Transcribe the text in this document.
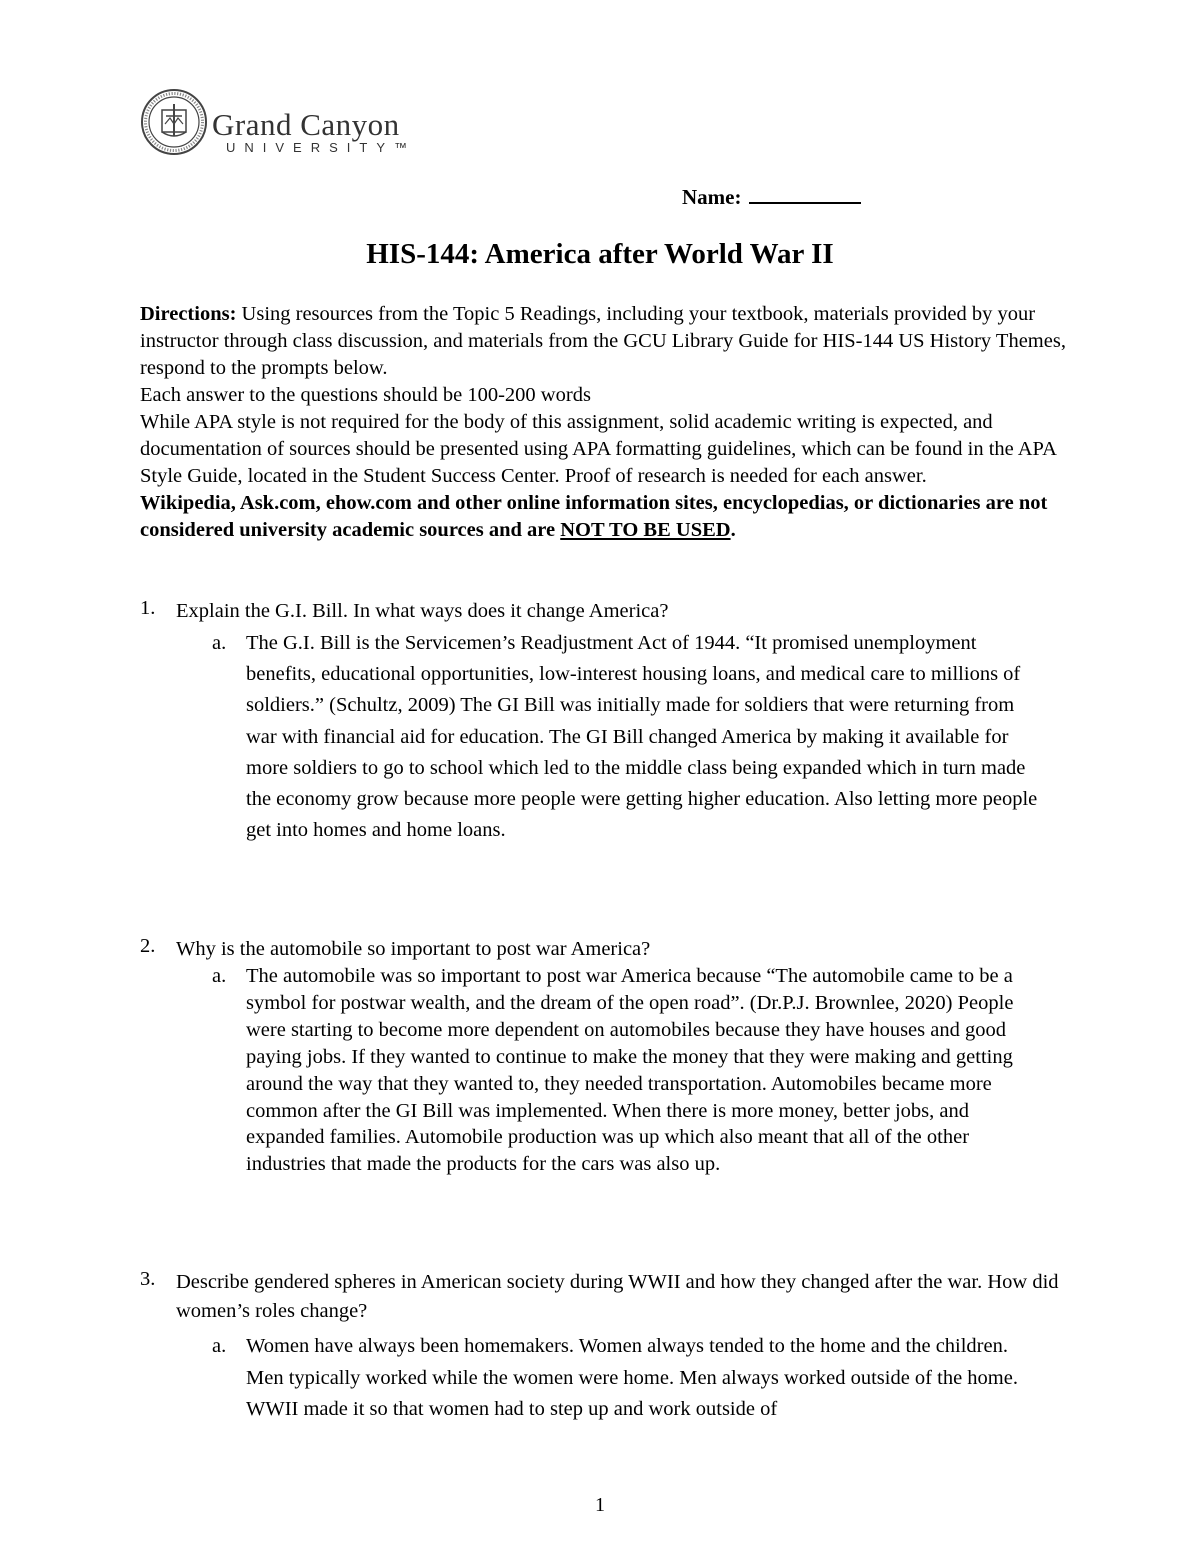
Grand Canyon
UNIVERSITY™
Name:
HIS-144: America after World War II

Directions: Using resources from the Topic 5 Readings, including your textbook, materials provided by your instructor through class discussion, and materials from the GCU Library Guide for HIS-144 US History Themes, respond to the prompts below.

Each answer to the questions should be 100-200 words

While APA style is not required for the body of this assignment, solid academic writing is expected, and documentation of sources should be presented using APA formatting guidelines, which can be found in the APA Style Guide, located in the Student Success Center. Proof of research is needed for each answer.

Wikipedia, Ask.com, ehow.com and other online information sites, encyclopedias, or dictionaries are not considered university academic sources and are NOT TO BE USED.

1. Explain the G.I. Bill. In what ways does it change America?
a. The G.I. Bill is the Servicemen’s Readjustment Act of 1944. “It promised unemployment benefits, educational opportunities, low-interest housing loans, and medical care to millions of soldiers.” (Schultz, 2009) The GI Bill was initially made for soldiers that were returning from war with financial aid for education. The GI Bill changed America by making it available for more soldiers to go to school which led to the middle class being expanded which in turn made the economy grow because more people were getting higher education. Also letting more people get into homes and home loans.
2. Why is the automobile so important to post war America?
a. The automobile was so important to post war America because “The automobile came to be a symbol for postwar wealth, and the dream of the open road”. (Dr.P.J. Brownlee, 2020) People were starting to become more dependent on automobiles because they have houses and good paying jobs. If they wanted to continue to make the money that they were making and getting around the way that they wanted to, they needed transportation. Automobiles became more common after the GI Bill was implemented. When there is more money, better jobs, and expanded families. Automobile production was up which also meant that all of the other industries that made the products for the cars was also up.
3. Describe gendered spheres in American society during WWII and how they changed after the war. How did women’s roles change?
a. Women have always been homemakers. Women always tended to the home and the children. Men typically worked while the women were home. Men always worked outside of the home. WWII made it so that women had to step up and work outside of
1
